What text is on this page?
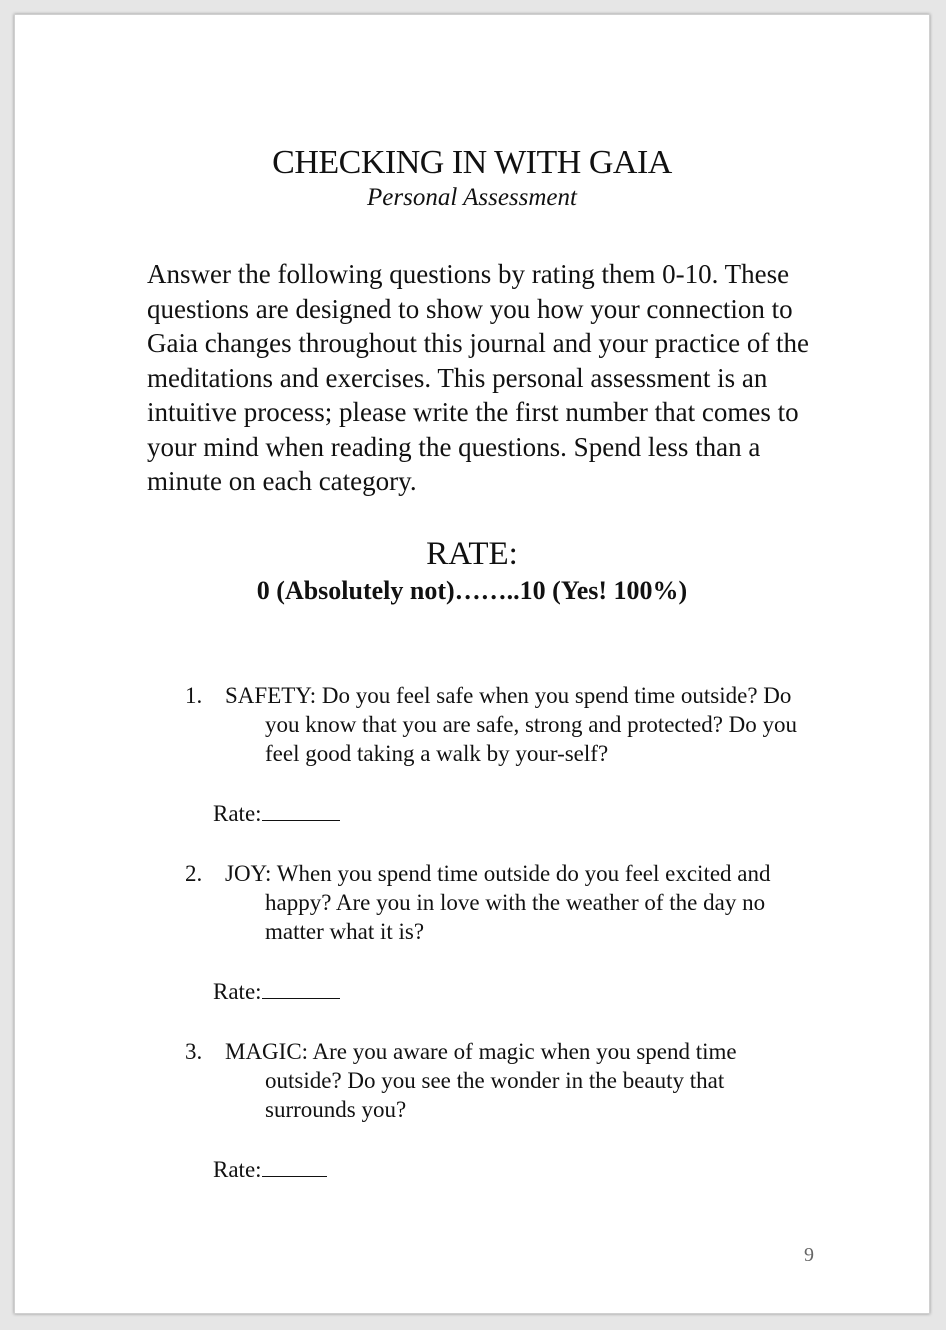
CHECKING IN WITH GAIA
Personal Assessment

Answer the following questions by rating them 0-10. These questions are designed to show you how your connection to Gaia changes throughout this journal and your practice of the meditations and exercises. This personal assessment is an intuitive process; please write the first number that comes to your mind when reading the questions. Spend less than a minute on each category.

RATE:
0 (Absolutely not)……..10 (Yes! 100%)
1. SAFETY: Do you feel safe when you spend time outside? Do you know that you are safe, strong and protected? Do you feel good taking a walk by your-self?
Rate:
2. JOY: When you spend time outside do you feel excited and happy? Are you in love with the weather of the day no matter what it is?
Rate:
3. MAGIC: Are you aware of magic when you spend time outside? Do you see the wonder in the beauty that surrounds you?
Rate:
9
